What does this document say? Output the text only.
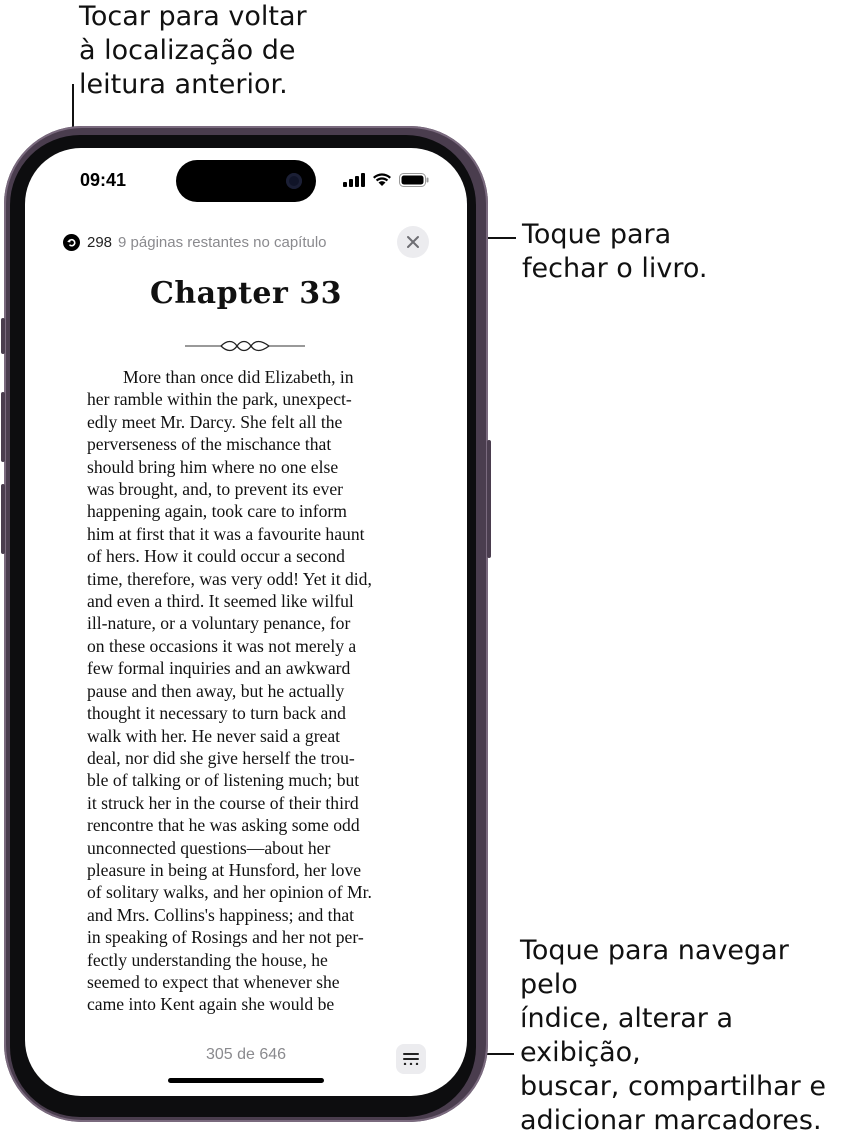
Tocar para voltar
à localização de
leitura anterior.
Toque para
fechar o livro.
Toque para navegar pelo
índice, alterar a exibição,
buscar, compartilhar e
adicionar marcadores.
09:41
298 9 páginas restantes no capítulo
Chapter 33

More than once did Elizabeth, in
her ramble within the park, unexpect-
edly meet Mr. Darcy. She felt all the
perverseness of the mischance that
should bring him where no one else
was brought, and, to prevent its ever
happening again, took care to inform
him at first that it was a favourite haunt
of hers. How it could occur a second
time, therefore, was very odd! Yet it did,
and even a third. It seemed like wilful
ill-nature, or a voluntary penance, for
on these occasions it was not merely a
few formal inquiries and an awkward
pause and then away, but he actually
thought it necessary to turn back and
walk with her. He never said a great
deal, nor did she give herself the trou-
ble of talking or of listening much; but
it struck her in the course of their third
rencontre that he was asking some odd
unconnected questions—about her
pleasure in being at Hunsford, her love
of solitary walks, and her opinion of Mr.
and Mrs. Collins's happiness; and that
in speaking of Rosings and her not per-
fectly understanding the house, he
seemed to expect that whenever she
came into Kent again she would be

305 de 646
